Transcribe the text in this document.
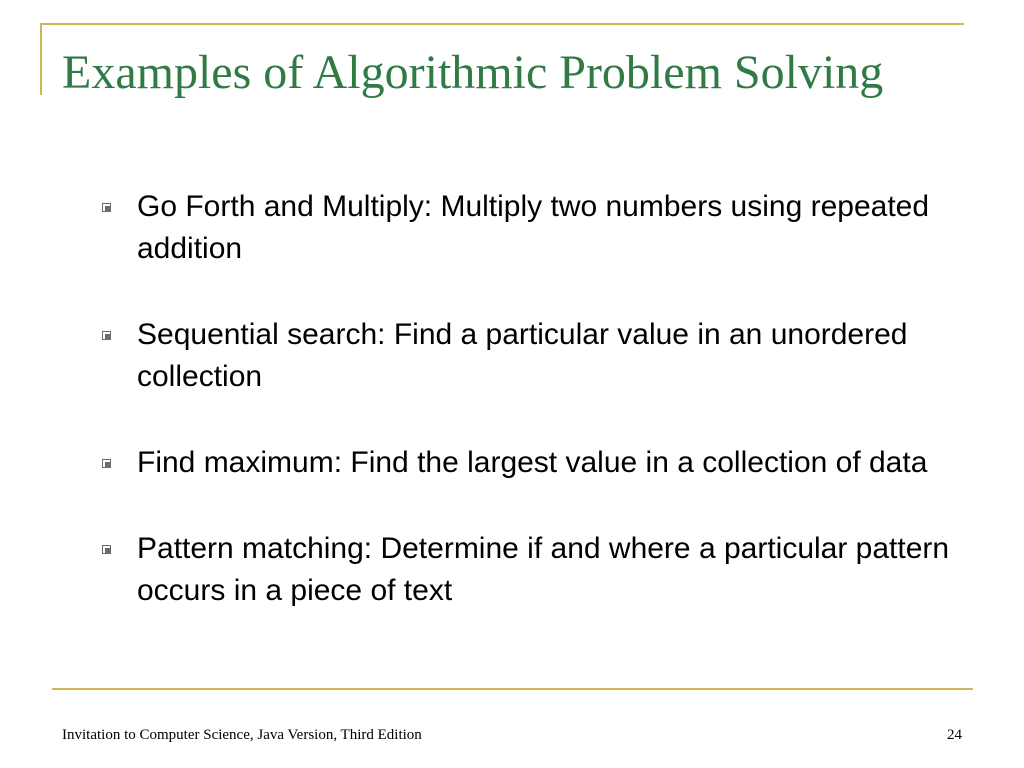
Examples of Algorithmic Problem Solving
Go Forth and Multiply: Multiply two numbers using repeated addition
Sequential search: Find a particular value in an unordered collection
Find maximum: Find the largest value in a collection of data
Pattern matching: Determine if and where a particular pattern occurs in a piece of text
Invitation to Computer Science, Java Version, Third Edition	24
